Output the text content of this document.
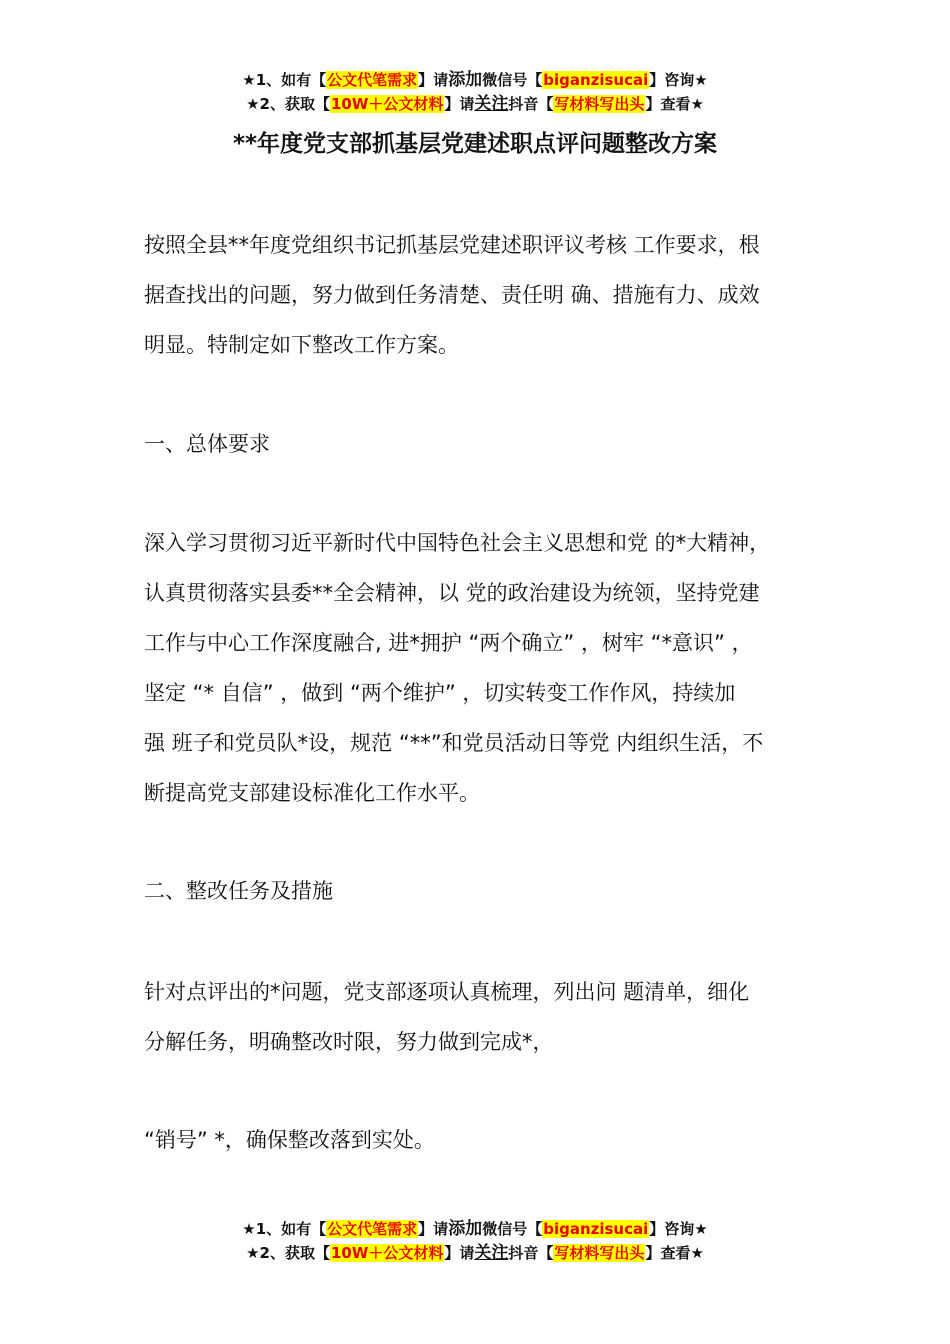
★1、如有【公文代笔需求】请添加微信号【biganzisucai】咨询★
★2、获取【10W＋公文材料】请关注抖音【写材料写出头】查看★
**年度党支部抓基层党建述职点评问题整改方案

按照全县**年度党组织书记抓基层党建述职评议考核 工作要求，根
据查找出的问题，努力做到任务清楚、责任明 确、措施有力、成效
明显。特制定如下整改工作方案。

一、总体要求

深入学习贯彻习近平新时代中国特色社会主义思想和党 的*大精神，
认真贯彻落实县委**全会精神，以 党的政治建设为统领，坚持党建
工作与中心工作深度融合, 进*拥护 “两个确立” ，树牢 “*意识” ，
坚定 “* 自信” ，做到 “两个维护” ，切实转变工作作风，持续加
强 班子和党员队*设，规范 “**”和党员活动日等党 内组织生活，不
断提高党支部建设标准化工作水平。

二、整改任务及措施

针对点评出的*问题，党支部逐项认真梳理，列出问 题清单，细化
分解任务，明确整改时限，努力做到完成*，

“销号” *，确保整改落到实处。

★1、如有【公文代笔需求】请添加微信号【biganzisucai】咨询★
★2、获取【10W＋公文材料】请关注抖音【写材料写出头】查看★
